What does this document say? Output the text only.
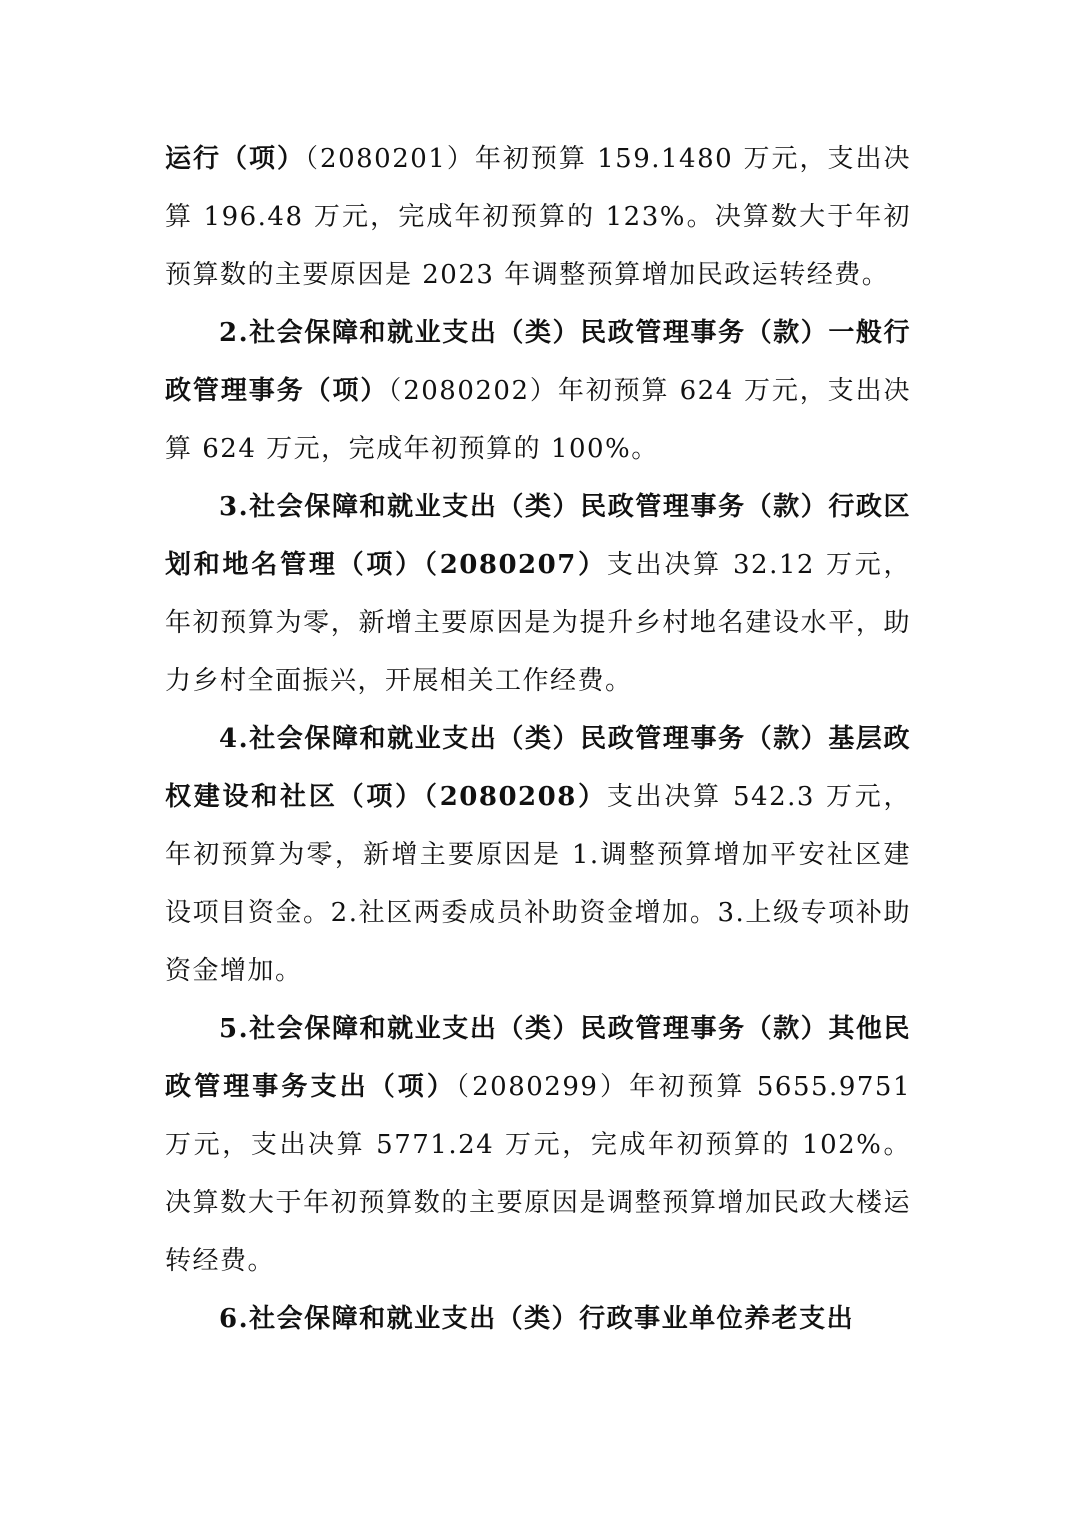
运行（项）（2080201）年初预算 159.1480 万元，支出决算 196.48 万元，完成年初预算的 123%。决算数大于年初预算数的主要原因是 2023 年调整预算增加民政运转经费。

2.社会保障和就业支出（类）民政管理事务（款）一般行政管理事务（项）（2080202）年初预算 624 万元，支出决算 624 万元，完成年初预算的 100%。

3.社会保障和就业支出（类）民政管理事务（款）行政区划和地名管理（项）（2080207）支出决算 32.12 万元，年初预算为零，新增主要原因是为提升乡村地名建设水平，助力乡村全面振兴，开展相关工作经费。

4.社会保障和就业支出（类）民政管理事务（款）基层政权建设和社区（项）（2080208）支出决算 542.3 万元，年初预算为零，新增主要原因是 1.调整预算增加平安社区建设项目资金。2.社区两委成员补助资金增加。3.上级专项补助资金增加。

5.社会保障和就业支出（类）民政管理事务（款）其他民政管理事务支出（项）（2080299）年初预算 5655.9751 万元，支出决算 5771.24 万元，完成年初预算的 102%。决算数大于年初预算数的主要原因是调整预算增加民政大楼运转经费。

6.社会保障和就业支出（类）行政事业单位养老支出
